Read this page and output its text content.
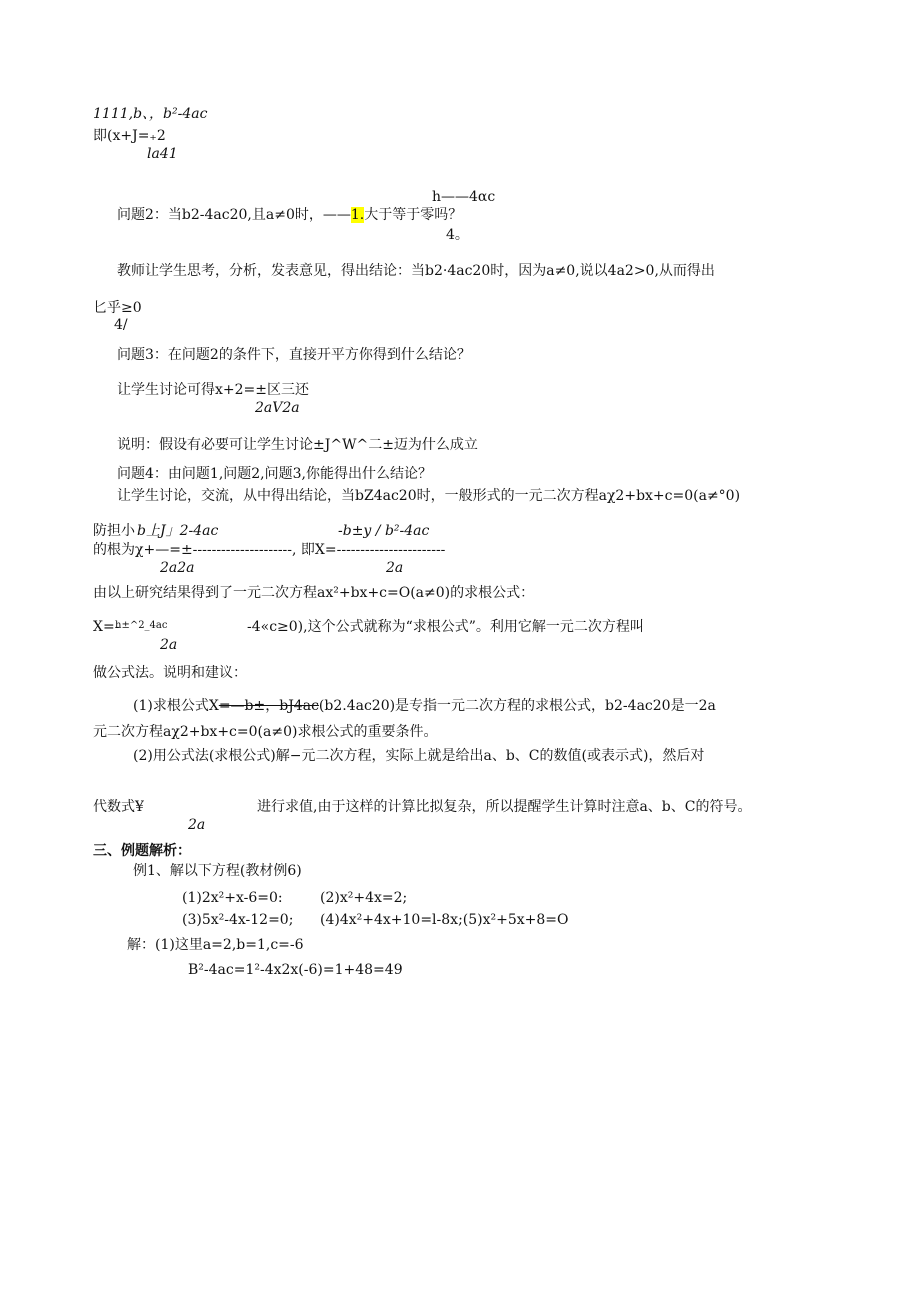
1111,b、，b²-4ac
即(x+J=₊2
la41
h——4αc
问题2：当b2-4ac20,且a≠0时，——1.大于等于零吗？
4。
教师让学生思考，分析，发表意见，得出结论：当b2·4ac20时，因为a≠0,说以4a2>0,从而得出
匕乎≥0
4/
问题3：在问题2的条件下，直接开平方你得到什么结论？
让学生讨论可得x+2=±区三还
2aV2a
说明：假设有必要可让学生讨论±J^W^二±迈为什么成立
问题4：由问题1,问题2,问题3,你能得出什么结论？
让学生讨论，交流，从中得出结论，当bZ4ac20时，一般形式的一元二次方程aχ2+bx+c=0(a≠°0)
防担小 b上J」2-4ac	-b±y / b²-4ac
的根为χ+—=±---------------------, 即X=-----------------------
2a2a	2a
由以上研究结果得到了一元二次方程ax²+bx+c=O(a≠0)的求根公式：
X=-
h±^2_4ac	-4«c≥0),这个公式就称为“求根公式”。利用它解一元二次方程叫
2a
做公式法。说明和建议：
(1)求根公式X=—b±，bJ4ac(b2.4ac20)是专指一元二次方程的求根公式，b2-4ac20是一2a
元二次方程aχ2+bx+c=0(a≠0)求根公式的重要条件。
(2)用公式法(求根公式)解−元二次方程，实际上就是给出a、b、C的数值(或表示式)，然后对
代数式¥	进行求值,由于这样的计算比拟复杂，所以提醒学生计算时注意a、b、C的符号。
2a
三、例题解析：
例1、解以下方程(教材例6)
(1)2x²+x-6=0:	(2)x²+4x=2;
(3)5x²-4x-12=0; (4)4x²+4x+10=l-8x;(5)x²+5x+8=O
解：(1)这里a=2,b=1,c=-6
B²-4ac=1²-4x2x(-6)=1+48=49
